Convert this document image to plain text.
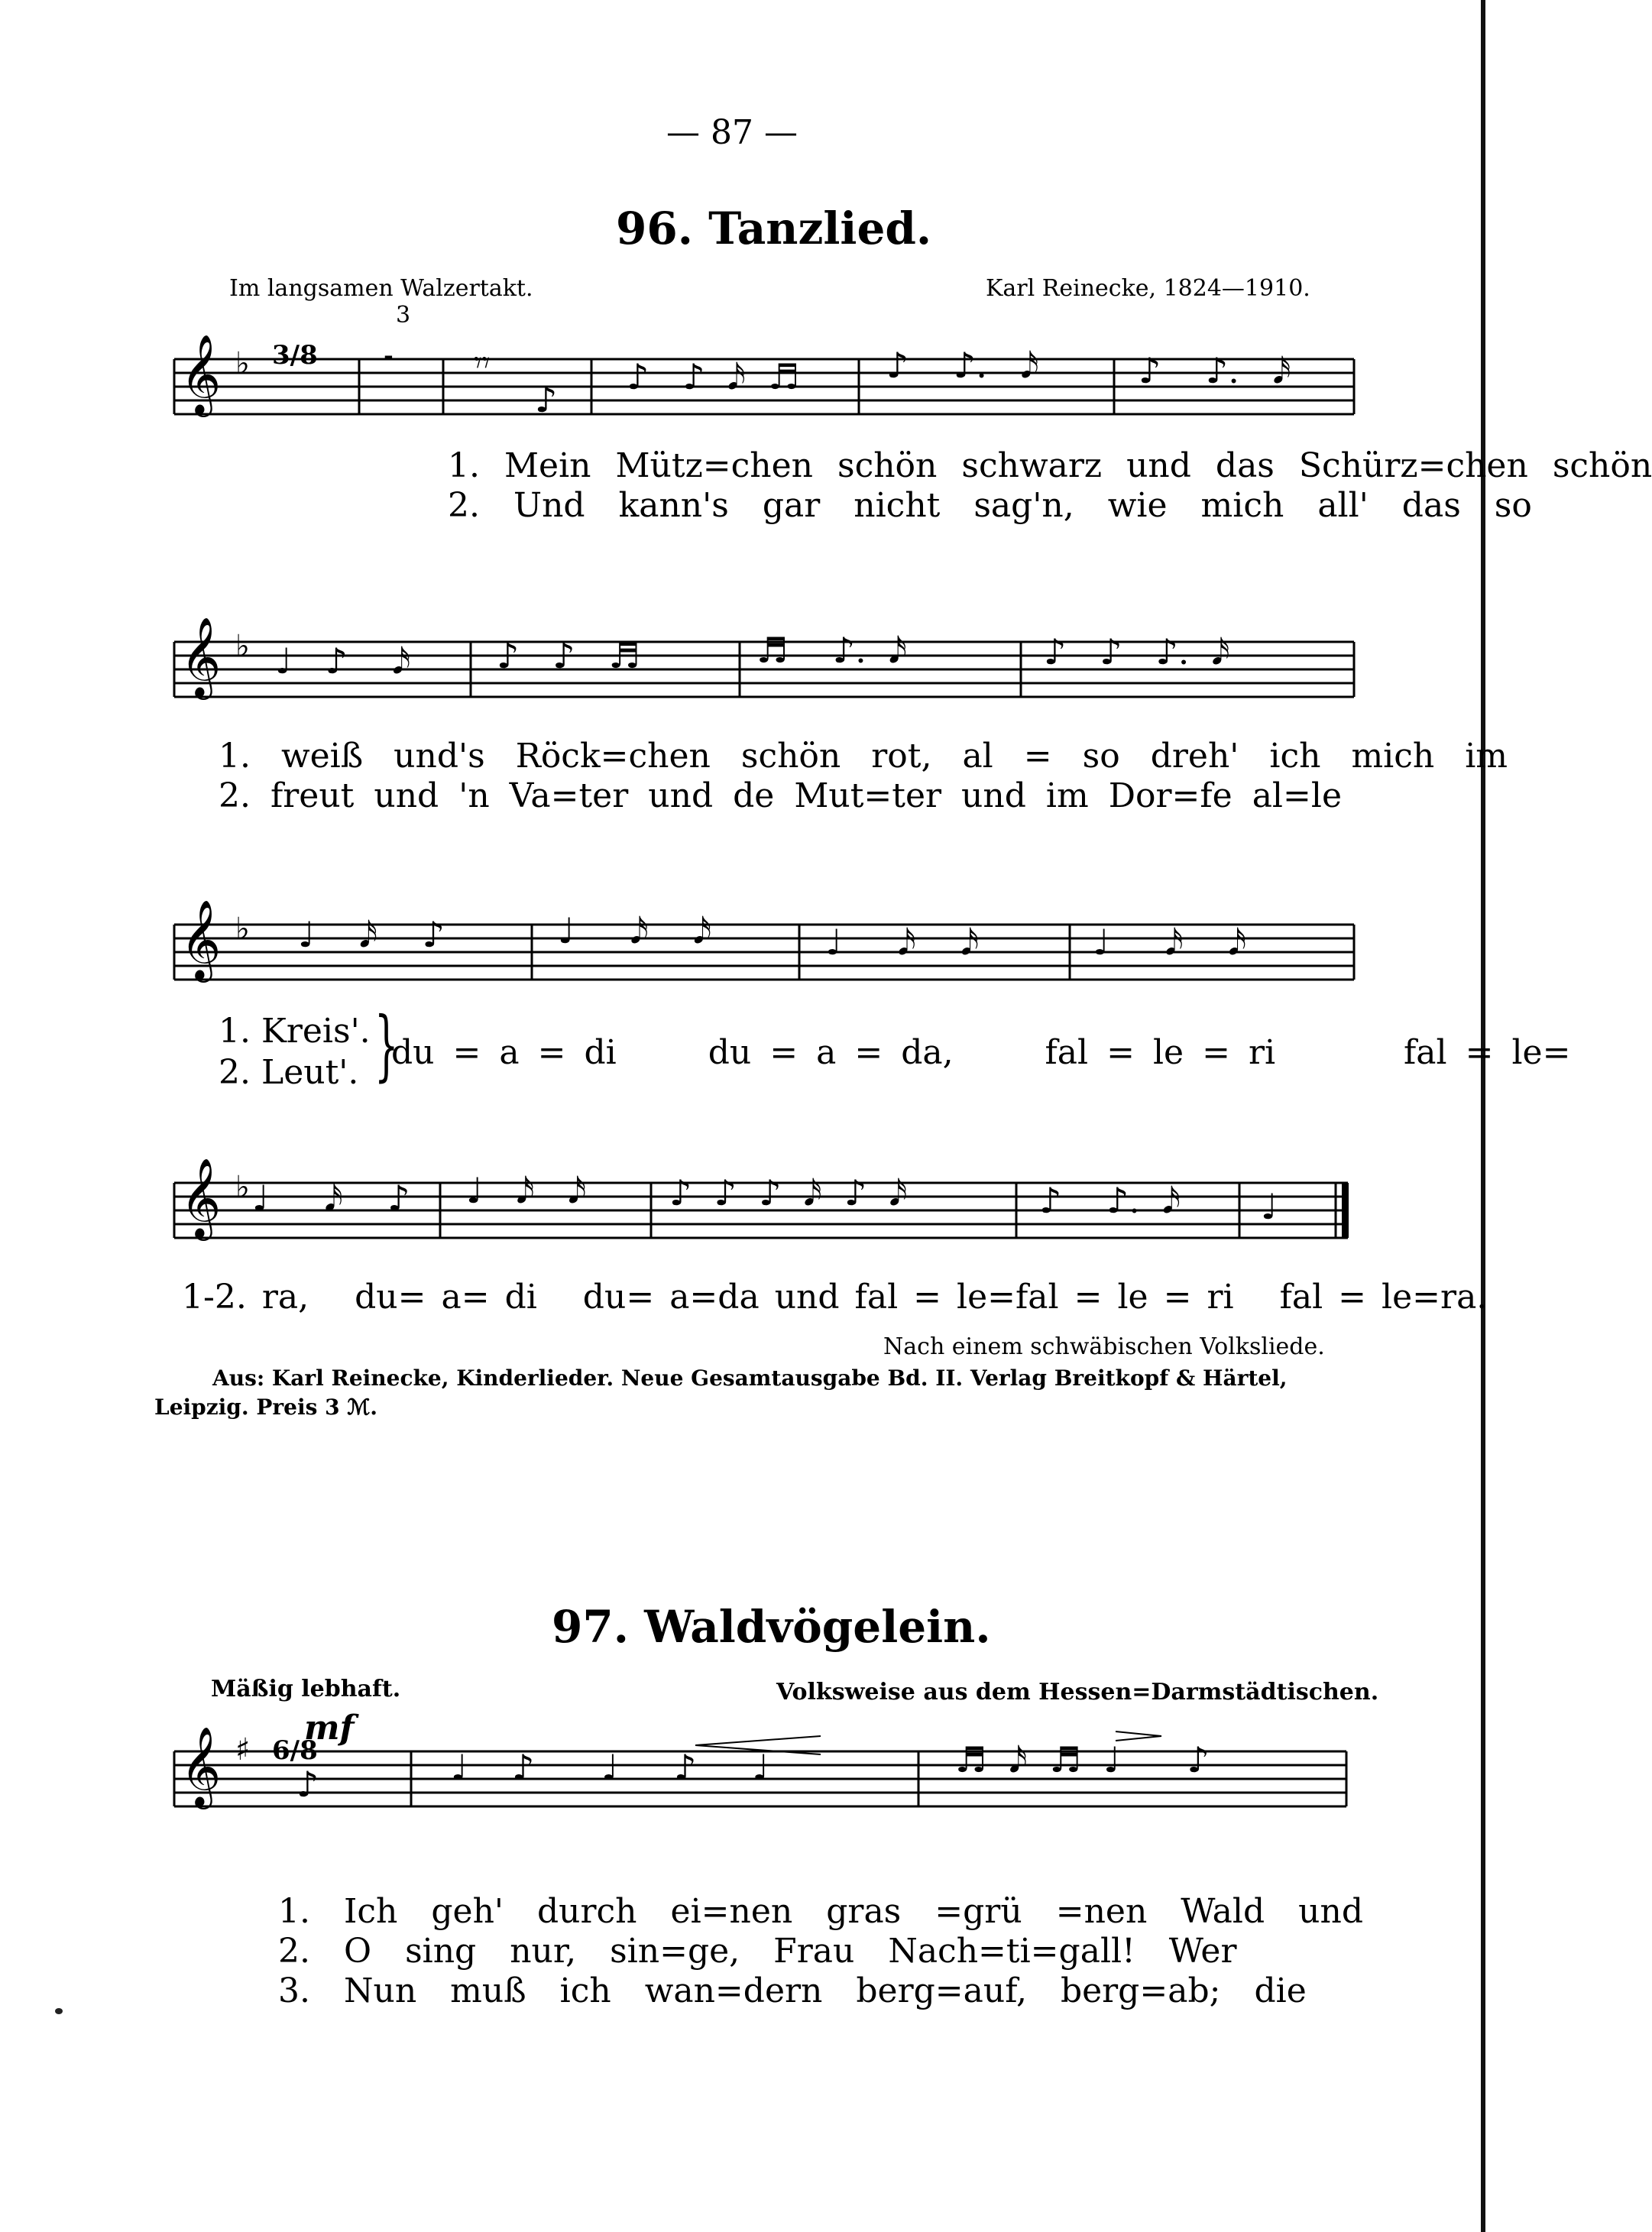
— 87 —
96. Tanzlied.
Im langsamen Walzertakt.	Karl Reinecke, 1824—1910.
3
𝄞 ♭ 3/8 𝄼	𝄾𝄾
♪
♪   ♪  𝅘𝅥𝅯  ♬ ♪    ♪.   𝅘𝅥𝅯	♪    ♪.   𝅘𝅥𝅯
1. Mein Mütz=chen schön schwarz und das Schürz=chen schön
2. Und kann's gar nicht sag'n, wie mich all' das so
𝄞 ♭ ♩   ♪    𝅘𝅥𝅯 ♪   ♪   ♬	♬    ♪.  𝅘𝅥𝅯	♪   ♪   ♪.  𝅘𝅥𝅯
1. weiß und's Röck=chen schön rot, al = so dreh' ich mich im
2. freut und 'n Va=ter und de Mut=ter und im Dor=fe al=le
𝄞 ♭ ♩    𝅘𝅥𝅯    ♪	♩     𝅘𝅥𝅯    𝅘𝅥𝅯	♩     𝅘𝅥𝅯    𝅘𝅥𝅯	♩     𝅘𝅥𝅯    𝅘𝅥𝅯
1. Kreis'.
2. Leut'. }
du = a = di	du = a = da,	fal = le = ri	fal = le=
𝄞 ♭ ♩     𝅘𝅥𝅯    ♪ ♩   𝅘𝅥𝅯   𝅘𝅥𝅯 ♪  ♪  ♪  𝅘𝅥𝅯  ♪  𝅘𝅥𝅯	♪    ♪.  𝅘𝅥𝅯 ♩
1-2. ra, du= a= di du= a=da und fal = le=fal = le = ri fal = le=ra.
Nach einem schwäbischen Volksliede.
Aus: Karl Reinecke, Kinderlieder. Neue Gesamtausgabe Bd. II. Verlag Breitkopf & Härtel,
Leipzig. Preis 3 ℳ.
97. Waldvögelein.
Mäßig lebhaft.	Volksweise aus dem Hessen=Darmstädtischen.
mf
𝄞 ♯ 6/8
♪	♩    ♪      ♩     ♪     ♩	♬  𝅘𝅥𝅯  ♬  ♩      ♪
1. Ich geh' durch ei=nen gras =grü =nen Wald und
2. O sing nur, sin=ge, Frau Nach=ti=gall! Wer
3. Nun muß ich wan=dern berg=auf, berg=ab; die
